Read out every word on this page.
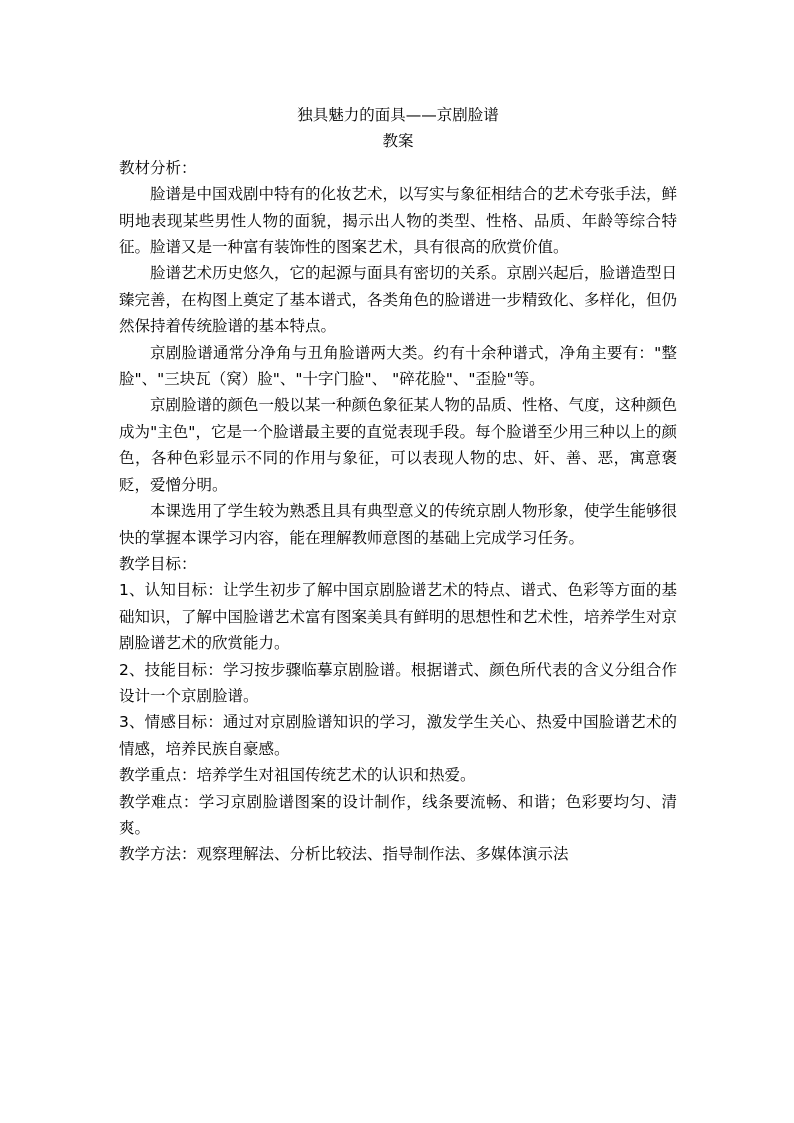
独具魅力的面具——京剧脸谱

教案

教材分析：

脸谱是中国戏剧中特有的化妆艺术，以写实与象征相结合的艺术夸张手法，鲜明地表现某些男性人物的面貌，揭示出人物的类型、性格、品质、年龄等综合特征。脸谱又是一种富有装饰性的图案艺术，具有很高的欣赏价值。

脸谱艺术历史悠久，它的起源与面具有密切的关系。京剧兴起后，脸谱造型日臻完善，在构图上奠定了基本谱式，各类角色的脸谱进一步精致化、多样化，但仍然保持着传统脸谱的基本特点。

京剧脸谱通常分净角与丑角脸谱两大类。约有十余种谱式，净角主要有："整脸"、"三块瓦（窝）脸"、"十字门脸"、 "碎花脸"、"歪脸"等。

京剧脸谱的颜色一般以某一种颜色象征某人物的品质、性格、气度，这种颜色成为"主色"，它是一个脸谱最主要的直觉表现手段。每个脸谱至少用三种以上的颜色，各种色彩显示不同的作用与象征，可以表现人物的忠、奸、善、恶，寓意褒贬，爱憎分明。

本课选用了学生较为熟悉且具有典型意义的传统京剧人物形象，使学生能够很快的掌握本课学习内容，能在理解教师意图的基础上完成学习任务。

教学目标：

1、认知目标：让学生初步了解中国京剧脸谱艺术的特点、谱式、色彩等方面的基础知识，了解中国脸谱艺术富有图案美具有鲜明的思想性和艺术性，培养学生对京剧脸谱艺术的欣赏能力。

2、技能目标：学习按步骤临摹京剧脸谱。根据谱式、颜色所代表的含义分组合作设计一个京剧脸谱。

3、情感目标：通过对京剧脸谱知识的学习，激发学生关心、热爱中国脸谱艺术的情感，培养民族自豪感。

教学重点：培养学生对祖国传统艺术的认识和热爱。

教学难点：学习京剧脸谱图案的设计制作，线条要流畅、和谐；色彩要均匀、清爽。

教学方法：观察理解法、分析比较法、指导制作法、多媒体演示法
